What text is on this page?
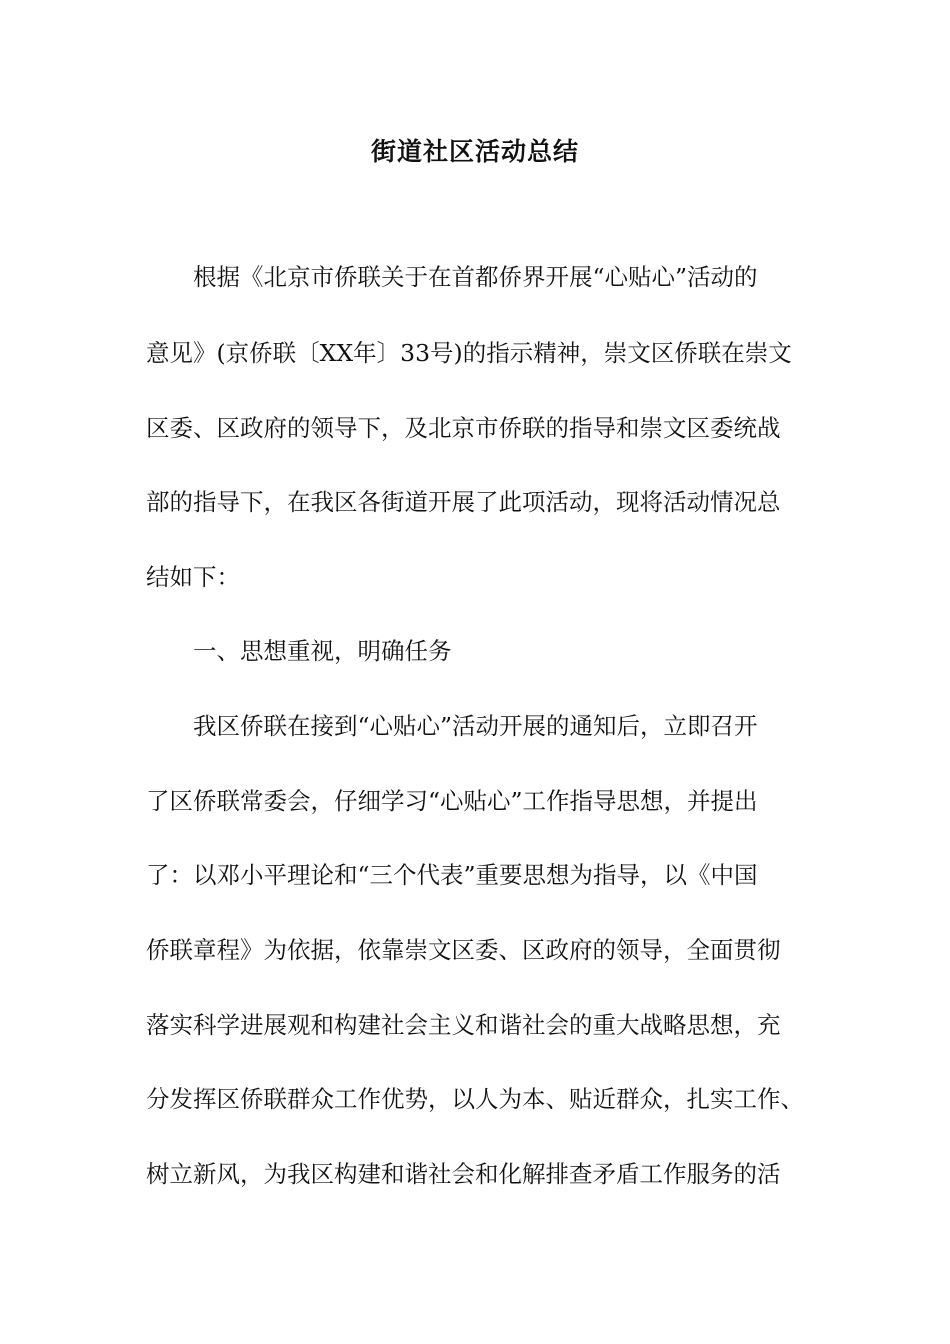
街道社区活动总结

根据《北京市侨联关于在首都侨界开展“心贴心”活动的

意见》(京侨联〔XX年〕33号)的指示精神，崇文区侨联在崇文

区委、区政府的领导下，及北京市侨联的指导和崇文区委统战

部的指导下，在我区各街道开展了此项活动，现将活动情况总

结如下：

一、思想重视，明确任务

我区侨联在接到“心贴心”活动开展的通知后，立即召开

了区侨联常委会，仔细学习“心贴心”工作指导思想，并提出

了：以邓小平理论和“三个代表”重要思想为指导，以《中国

侨联章程》为依据，依靠崇文区委、区政府的领导，全面贯彻

落实科学进展观和构建社会主义和谐社会的重大战略思想，充

分发挥区侨联群众工作优势，以人为本、贴近群众，扎实工作、

树立新风，为我区构建和谐社会和化解排查矛盾工作服务的活
